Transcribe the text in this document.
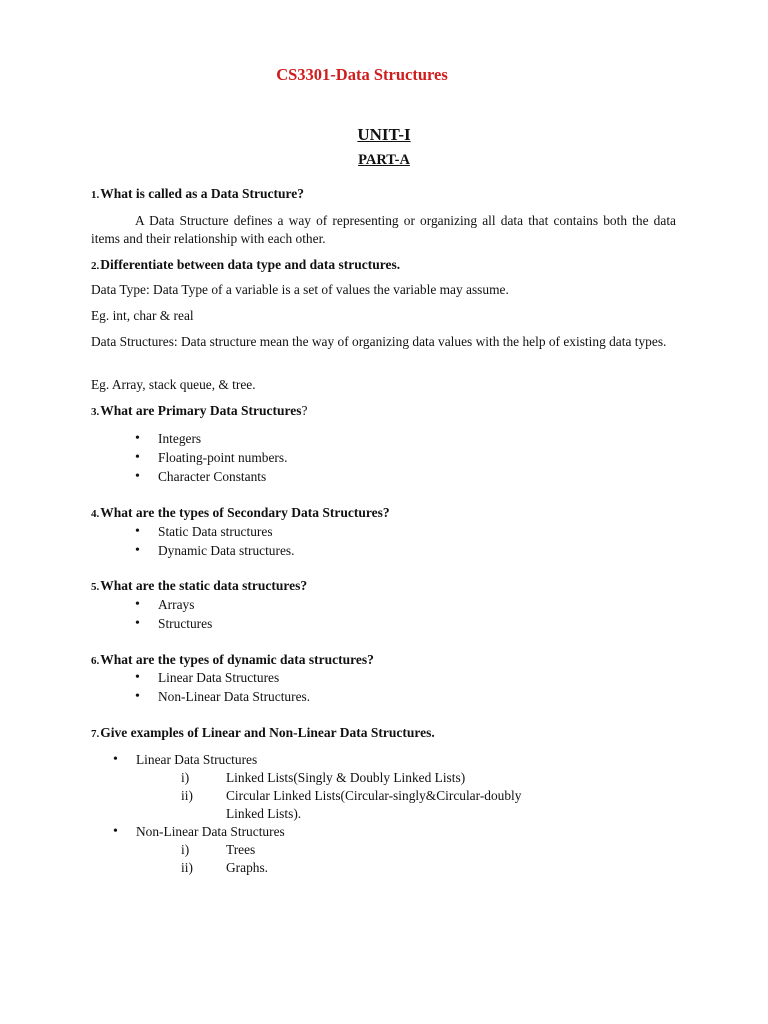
CS3301-Data Structures
UNIT-I
PART-A
1.What is called as a Data Structure?
A Data Structure defines a way of representing or organizing all data that contains both the data items and their relationship with each other.
2.Differentiate between data type and data structures.
Data Type: Data Type of a variable is a set of values the variable may assume.
Eg. int, char & real
Data Structures: Data structure mean the way of organizing data values with the help of existing data types.
Eg. Array, stack queue, & tree.
3.What are Primary Data Structures?
• Integers
• Floating-point numbers.
• Character Constants
4.What are the types of Secondary Data Structures?
• Static Data structures
• Dynamic Data structures.
5.What are the static data structures?
• Arrays
• Structures
6.What are the types of dynamic data structures?
• Linear Data Structures
• Non-Linear Data Structures.
7.Give examples of Linear and Non-Linear Data Structures.
• Linear Data Structures
i)	Linked Lists(Singly & Doubly Linked Lists)
ii) Circular Linked Lists(Circular-singly&Circular-doubly
Linked Lists).
• Non-Linear Data Structures
i)	Trees
ii) Graphs.
